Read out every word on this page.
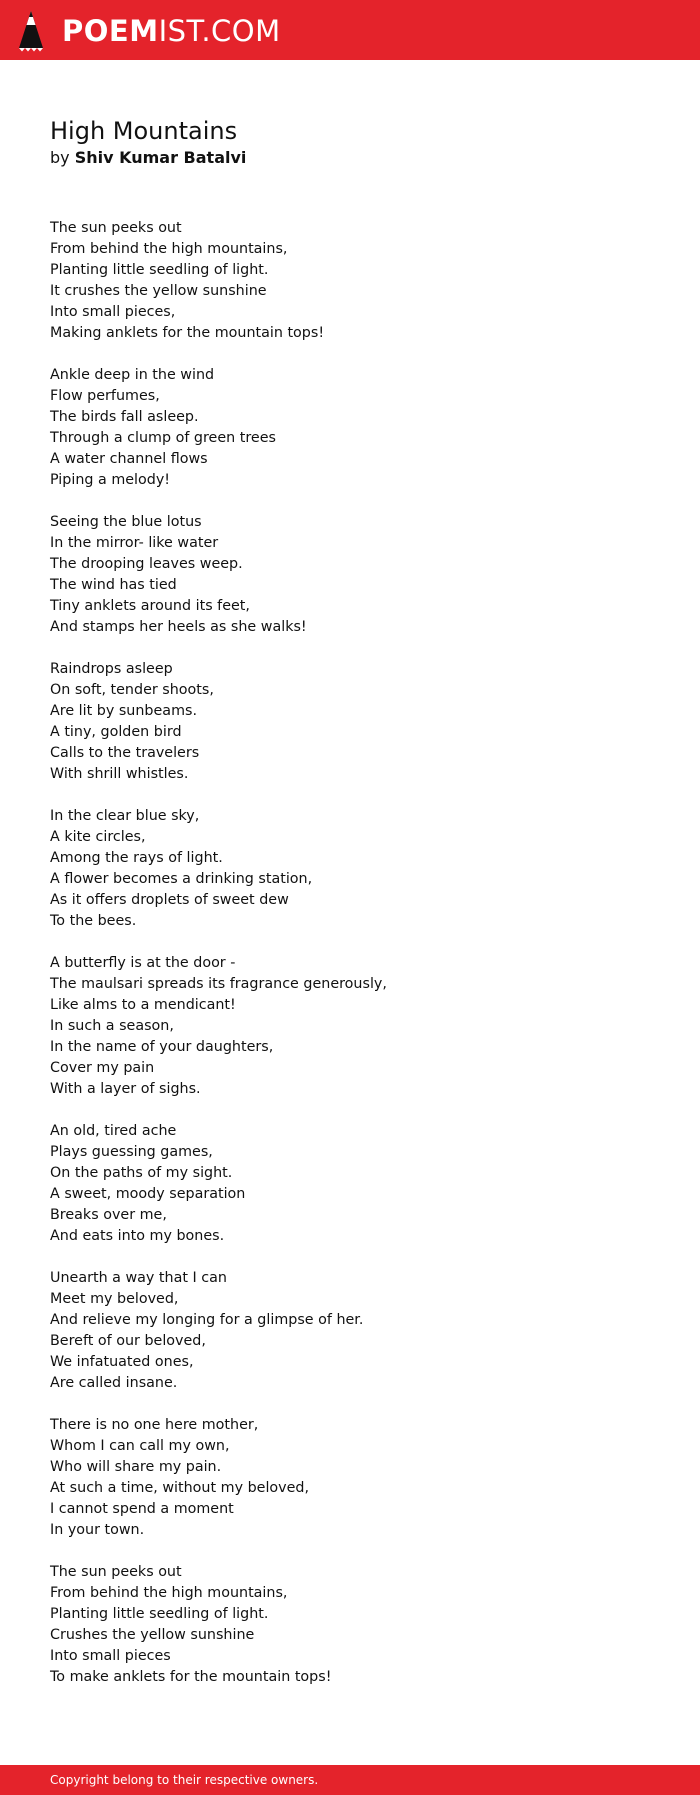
POEMIST.COM
High Mountains
by Shiv Kumar Batalvi
The sun peeks out
From behind the high mountains,
Planting little seedling of light.
It crushes the yellow sunshine
Into small pieces,
Making anklets for the mountain tops!
Ankle deep in the wind
Flow perfumes,
The birds fall asleep.
Through a clump of green trees
A water channel flows
Piping a melody!
Seeing the blue lotus
In the mirror- like water
The drooping leaves weep.
The wind has tied
Tiny anklets around its feet,
And stamps her heels as she walks!
Raindrops asleep
On soft, tender shoots,
Are lit by sunbeams.
A tiny, golden bird
Calls to the travelers
With shrill whistles.
In the clear blue sky,
A kite circles,
Among the rays of light.
A flower becomes a drinking station,
As it offers droplets of sweet dew
To the bees.
A butterfly is at the door -
The maulsari spreads its fragrance generously,
Like alms to a mendicant!
In such a season,
In the name of your daughters,
Cover my pain
With a layer of sighs.
An old, tired ache
Plays guessing games,
On the paths of my sight.
A sweet, moody separation
Breaks over me,
And eats into my bones.
Unearth a way that I can
Meet my beloved,
And relieve my longing for a glimpse of her.
Bereft of our beloved,
We infatuated ones,
Are called insane.
There is no one here mother,
Whom I can call my own,
Who will share my pain.
At such a time, without my beloved,
I cannot spend a moment
In your town.
The sun peeks out
From behind the high mountains,
Planting little seedling of light.
Crushes the yellow sunshine
Into small pieces
To make anklets for the mountain tops!
Copyright belong to their respective owners.
